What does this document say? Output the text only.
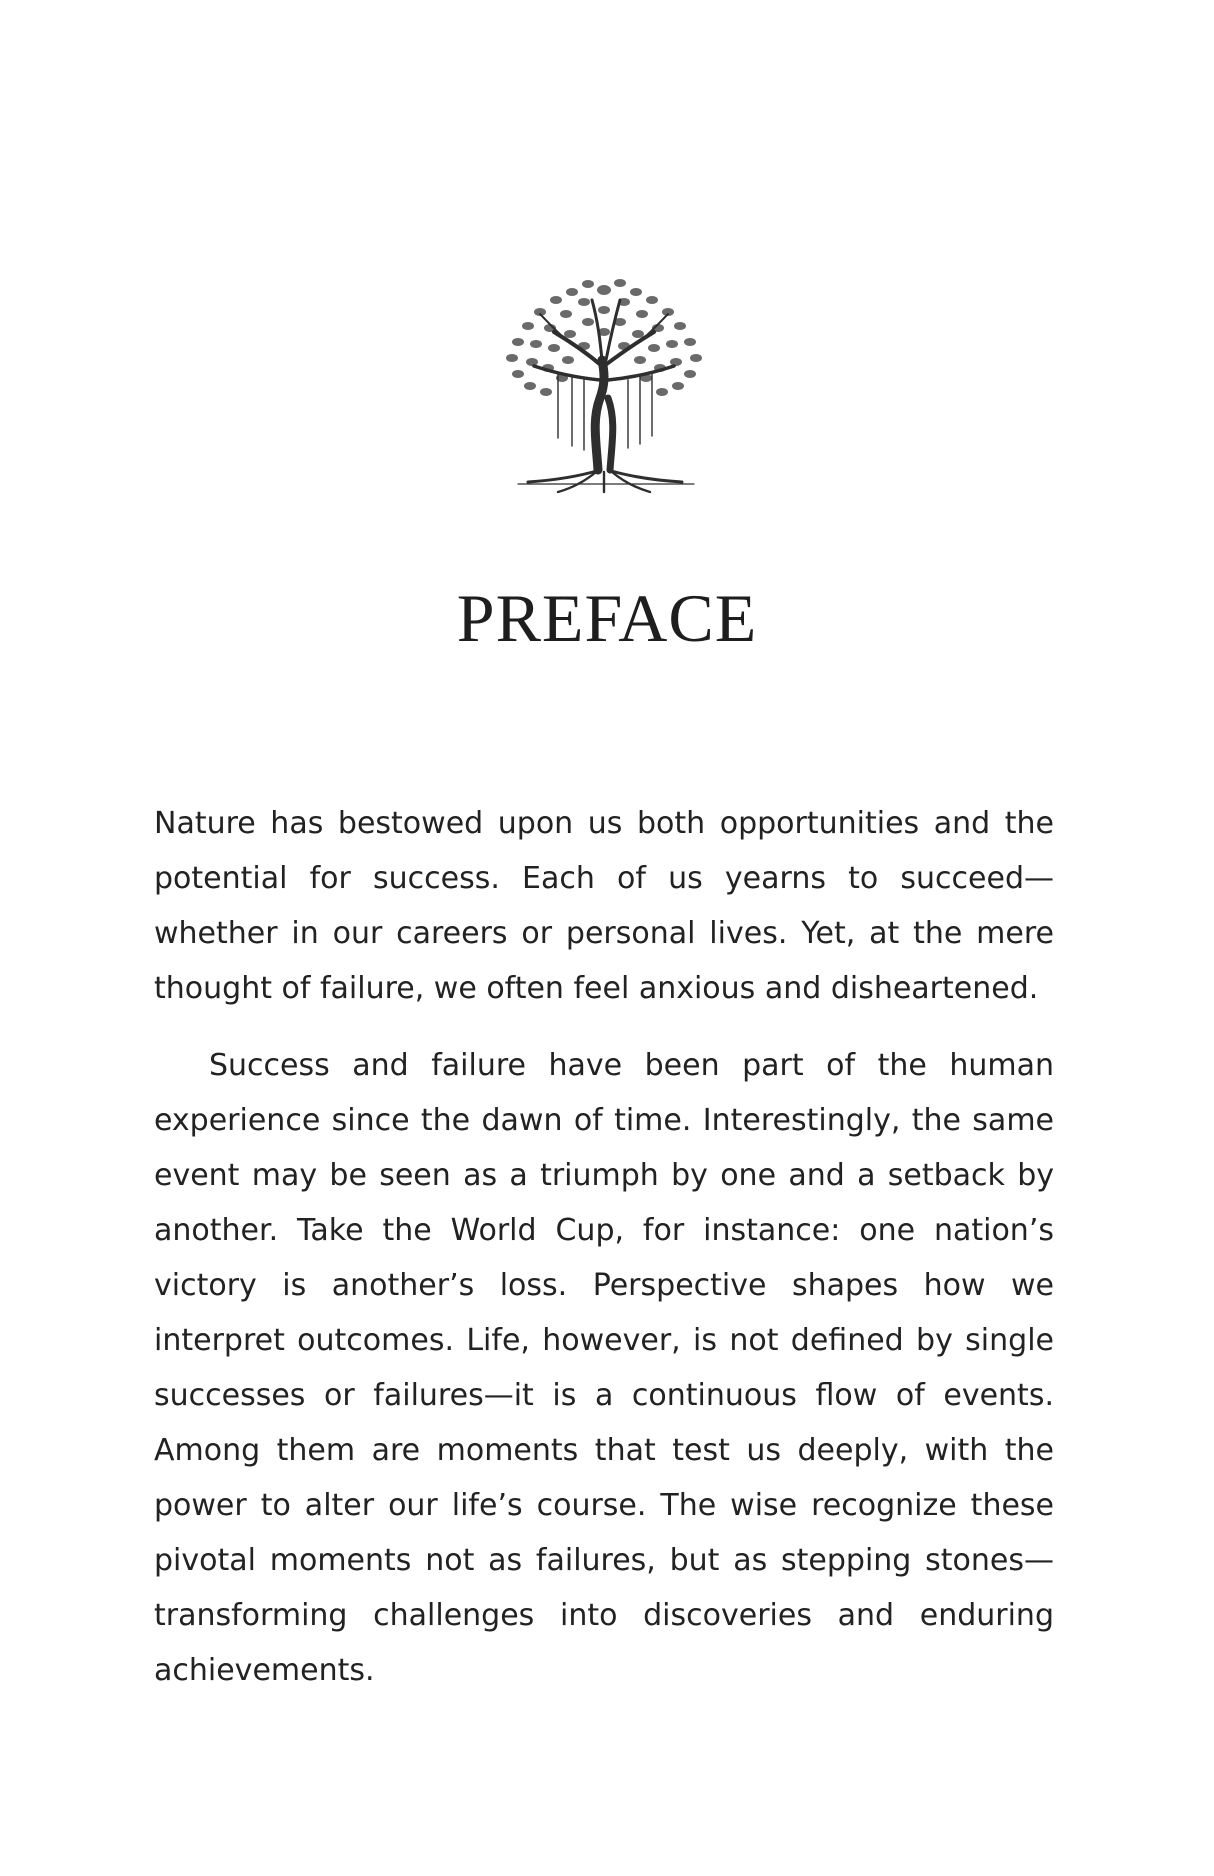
PREFACE

Nature has bestowed upon us both opportunities and the potential for success. Each of us yearns to succeed—whether in our careers or personal lives. Yet, at the mere thought of failure, we often feel anxious and disheartened.

Success and failure have been part of the human experience since the dawn of time. Interestingly, the same event may be seen as a triumph by one and a setback by another. Take the World Cup, for instance: one nation’s victory is another’s loss. Perspective shapes how we interpret outcomes. Life, however, is not defined by single successes or failures—it is a continuous flow of events. Among them are moments that test us deeply, with the power to alter our life’s course. The wise recognize these pivotal moments not as failures, but as stepping stones—transforming challenges into discoveries and enduring achievements.
